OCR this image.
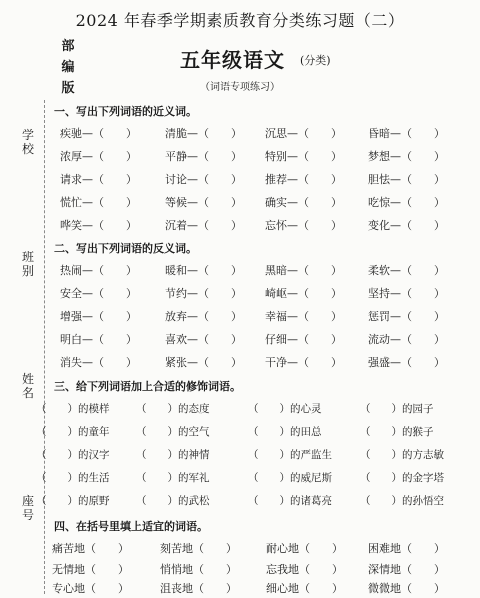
学校
班别
姓名
座号
2024 年春季学期素质教育分类练习题（二）
部
编
版
五年级语文 (分类)
（词语专项练习）
一、写出下列词语的近义词。
疾驰—（　　）	清脆—（　　） 沉思—（　　） 昏暗—（　　）
浓厚—（　　）	平静—（　　） 特别—（　　） 梦想—（　　）
请求—（　　）	讨论—（　　） 推荐—（　　） 胆怯—（　　）
慌忙—（　　）	等候—（　　） 确实—（　　） 吃惊—（　　）
哗笑—（　　）	沉着—（　　） 忘怀—（　　） 变化—（　　）
二、写出下列词语的反义词。
热闹—（　　）	暖和—（　　） 黑暗—（　　） 柔软—（　　）
安全—（　　）	节约—（　　） 崎岖—（　　） 坚持—（　　）
增强—（　　）	放弃—（　　） 幸福—（　　） 惩罚—（　　）
明白—（　　）	喜欢—（　　） 仔细—（　　） 流动—（　　）
消失—（　　）	紧张—（　　） 干净—（　　） 强盛—（　　）
三、给下列词语加上合适的修饰词语。
（　　）的模样	（　　）的态度	（　　）的心灵	（　　）的园子
（　　）的童年	（　　）的空气	（　　）的田总	（　　）的猴子
（　　）的汉字	（　　）的神情	（　　）的严监生	（　　）的方志敏
（　　）的生活	（　　）的军礼	（　　）的威尼斯	（　　）的金字塔
（　　）的原野	（　　）的武松	（　　）的诸葛亮	（　　）的孙悟空
四、在括号里填上适宜的词语。
痛苦地（　　）	刻苦地（　　）	耐心地（　　） 困难地（　　）
无情地（　　）	悄悄地（　　）	忘我地（　　） 深情地（　　）
专心地（　　）	沮丧地（　　）	细心地（　　） 微微地（　　）
